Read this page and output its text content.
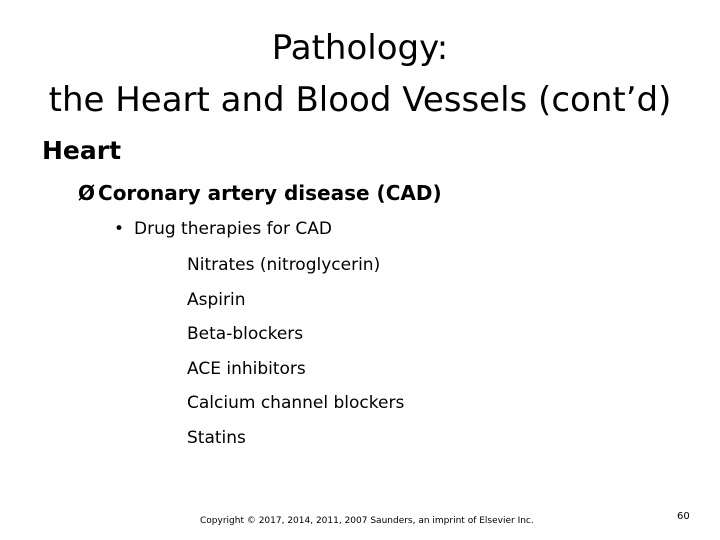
Pathology:
the Heart and Blood Vessels (cont’d)
Heart
Ø Coronary artery disease (CAD)
• Drug therapies for CAD
Nitrates (nitroglycerin)
Aspirin
Beta-blockers
ACE inhibitors
Calcium channel blockers
Statins
Copyright © 2017, 2014, 2011, 2007 Saunders, an imprint of Elsevier Inc.	60
